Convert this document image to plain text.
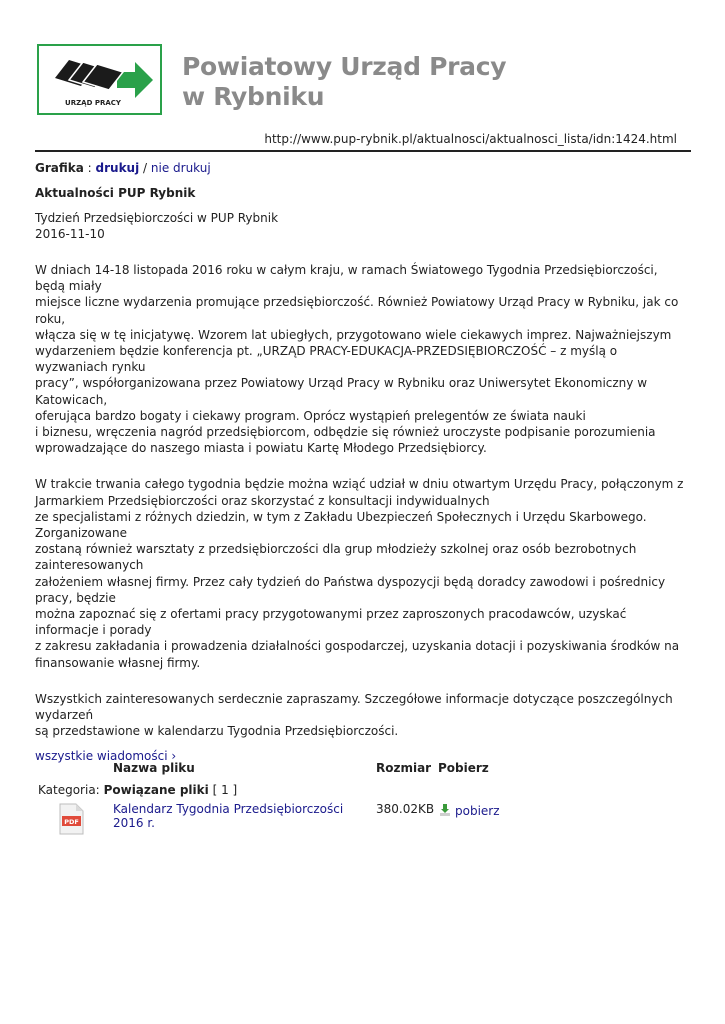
URZĄD PRACY
Powiatowy Urząd Pracy
w Rybniku
http://www.pup-rybnik.pl/aktualnosci/aktualnosci_lista/idn:1424.html
Grafika : drukuj / nie drukuj
Aktualności PUP Rybnik
Tydzień Przedsiębiorczości w PUP Rybnik
2016-11-10
W dniach 14-18 listopada 2016 roku w całym kraju, w ramach Światowego Tygodnia Przedsiębiorczości, będą miały
miejsce liczne wydarzenia promujące przedsiębiorczość. Również Powiatowy Urząd Pracy w Rybniku, jak co roku,
włącza się w tę inicjatywę. Wzorem lat ubiegłych, przygotowano wiele ciekawych imprez. Najważniejszym
wydarzeniem będzie konferencja pt. „URZĄD PRACY-EDUKACJA-PRZEDSIĘBIORCZOŚĆ – z myślą o wyzwaniach rynku
pracy”, współorganizowana przez Powiatowy Urząd Pracy w Rybniku oraz Uniwersytet Ekonomiczny w Katowicach,
oferująca bardzo bogaty i ciekawy program. Oprócz wystąpień prelegentów ze świata nauki
i biznesu, wręczenia nagród przedsiębiorcom, odbędzie się również uroczyste podpisanie porozumienia
wprowadzające do naszego miasta i powiatu Kartę Młodego Przedsiębiorcy.
W trakcie trwania całego tygodnia będzie można wziąć udział w dniu otwartym Urzędu Pracy, połączonym z
Jarmarkiem Przedsiębiorczości oraz skorzystać z konsultacji indywidualnych
ze specjalistami z różnych dziedzin, w tym z Zakładu Ubezpieczeń Społecznych i Urzędu Skarbowego. Zorganizowane
zostaną również warsztaty z przedsiębiorczości dla grup młodzieży szkolnej oraz osób bezrobotnych zainteresowanych
założeniem własnej firmy. Przez cały tydzień do Państwa dyspozycji będą doradcy zawodowi i pośrednicy pracy, będzie
można zapoznać się z ofertami pracy przygotowanymi przez zaproszonych pracodawców, uzyskać informacje i porady
z zakresu zakładania i prowadzenia działalności gospodarczej, uzyskania dotacji i pozyskiwania środków na
finansowanie własnej firmy.
Wszystkich zainteresowanych serdecznie zapraszamy. Szczegółowe informacje dotyczące poszczególnych wydarzeń
są przedstawione w kalendarzu Tygodnia Przedsiębiorczości.
	Nazwa pliku	Rozmiar	Pobierz
Kategoria: Powiązane pliki [ 1 ]			

PDF	Kalendarz Tygodnia Przedsiębiorczości 2016 r.	380.02KB	pobierz
wszystkie wiadomości ›
